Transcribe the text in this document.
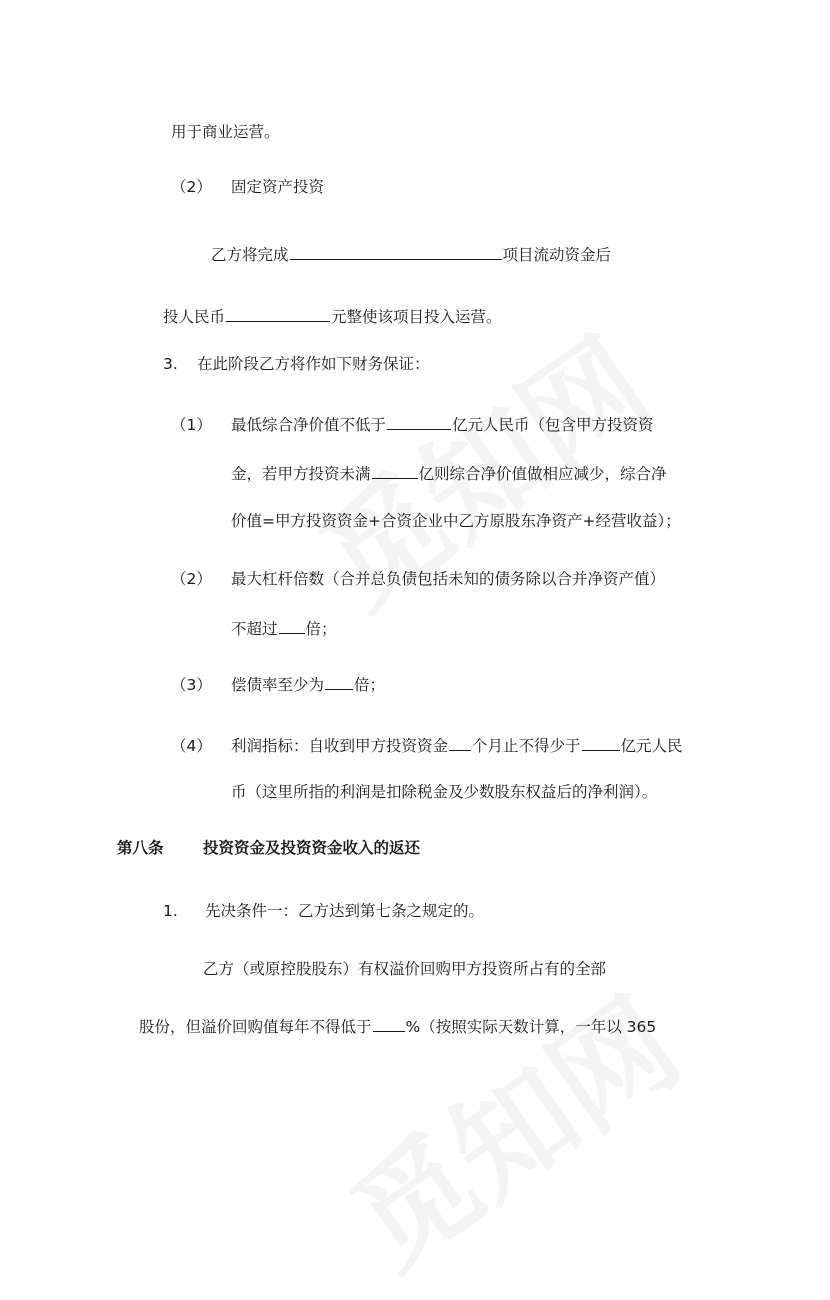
用于商业运营。
（2） 固定资产投资
乙方将完成	项目流动资金后
投人民币	元整使该项目投入运营。
3. 在此阶段乙方将作如下财务保证：
（1） 最低综合净价值不低于	亿元人民币（包含甲方投资资
金，若甲方投资未满	亿则综合净价值做相应减少，综合净
价值=甲方投资资金+合资企业中乙方原股东净资产+经营收益）；
（2） 最大杠杆倍数（合并总负债包括未知的债务除以合并净资产值）
不超过 倍；
（3） 偿债率至少为 倍；
（4） 利润指标：自收到甲方投资资金 个月止不得少于	亿元人民
币（这里所指的利润是扣除税金及少数股东权益后的净利润）。
第八条	投资资金及投资资金收入的返还
1. 先决条件一：乙方达到第七条之规定的。
乙方（或原控股股东）有权溢价回购甲方投资所占有的全部
股份，但溢价回购值每年不得低于 %（按照实际天数计算，一年以 365
